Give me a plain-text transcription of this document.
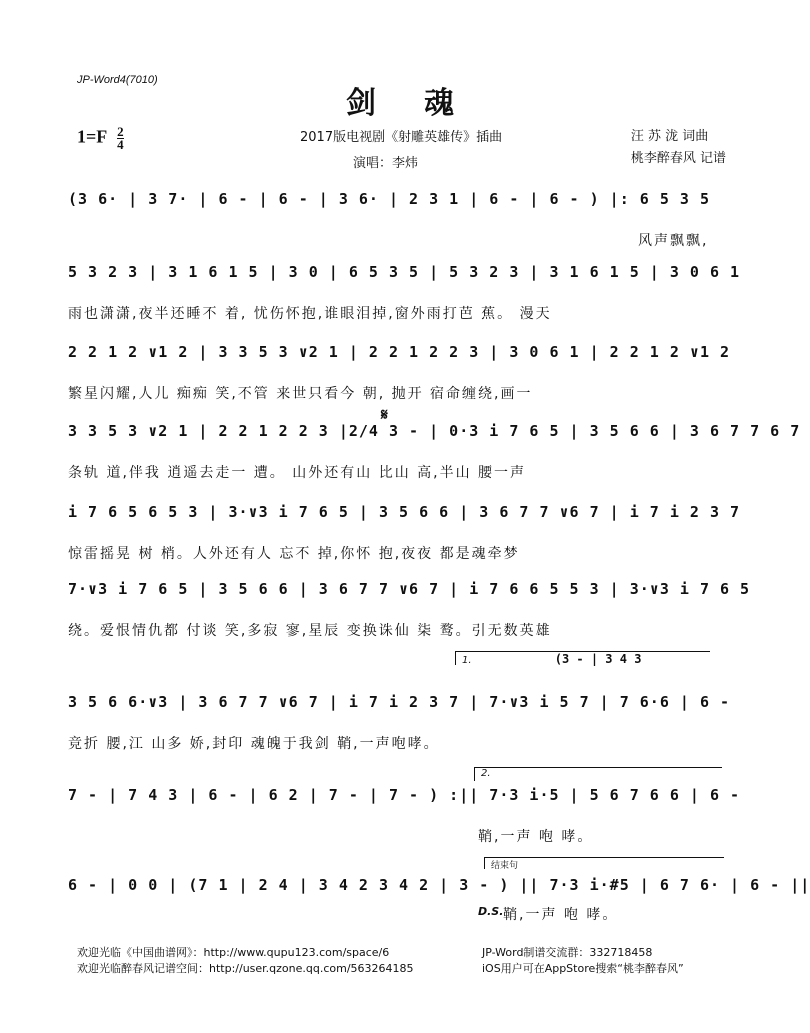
JP-Word4(7010)
剑魂
$1=F \frac{2}{4}$	2017版电视剧《射雕英雄传》插曲
演唱：李炜
汪 苏 泷 词曲
桃李醉春风 记谱
(3 6· | 3 7· | 6 - | 6 - | 3 6· | 2 3 1 | 6 - | 6 - ) |: 6 5 3 5
风声飘飘,
5 3 2 3 | 3 1 6 1 5 | 3 0 | 6 5 3 5 | 5 3 2 3 | 3 1 6 1 5 | 3 0 6 1
雨也潇潇,夜半还睡不 着, 忧伤怀抱,谁眼泪掉,窗外雨打芭 蕉。 漫天
2 2 1 2 ∨1 2 | 3 3 5 3 ∨2 1 | 2 2 1 2 2 3 | 3 0 6 1 | 2 2 1 2 ∨1 2
繁星闪耀,人儿 痴痴 笑,不管 来世只看今 朝, 抛开 宿命缠绕,画一
𝄋
3 3 5 3 ∨2 1 | 2 2 1 2 2 3 |2/4 3 - | 0·3 i 7 6 5 | 3 5 6 6 | 3 6 7 7 6 7
条轨 道,伴我 逍遥去走一 遭。 山外还有山 比山 高,半山 腰一声
i 7 6 5 6 5 3 | 3·∨3 i 7 6 5 | 3 5 6 6 | 3 6 7 7 ∨6 7 | i 7 i 2 3 7
惊雷摇晃 树 梢。人外还有人 忘不 掉,你怀 抱,夜夜 都是魂牵梦
7·∨3 i 7 6 5 | 3 5 6 6 | 3 6 7 7 ∨6 7 | i 7 6 6 5 5 3 | 3·∨3 i 7 6 5
绕。爱恨情仇都 付谈 笑,多寂 寥,星辰 变换诛仙 柒 鹜。引无数英雄
1.	(3 - | 3 4 3
3 5 6 6·∨3 | 3 6 7 7 ∨6 7 | i 7 i 2 3 7 | 7·∨3 i 5 7 | 7 6·6 | 6 -
竞折 腰,江 山多 娇,封印 魂魄于我剑 鞘,一声咆哮。
2.
7 - | 7 4 3 | 6 - | 6 2 | 7 - | 7 - ) :|| 7·3 i·5 | 5 6 7 6 6 | 6 -
鞘,一声 咆 哮。
结束句
6 - | 0 0 | (7 1 | 2 4 | 3 4 2 3 4 2 | 3 - ) || 7·3 i·#5 | 6 7 6· | 6 - ||
鞘,一声 咆 哮。
D.S.
欢迎光临《中国曲谱网》：http://www.qupu123.com/space/6
欢迎光临醉春风记谱空间：http://user.qzone.qq.com/563264185
JP-Word制谱交流群：332718458
iOS用户可在AppStore搜索“桃李醉春风”
